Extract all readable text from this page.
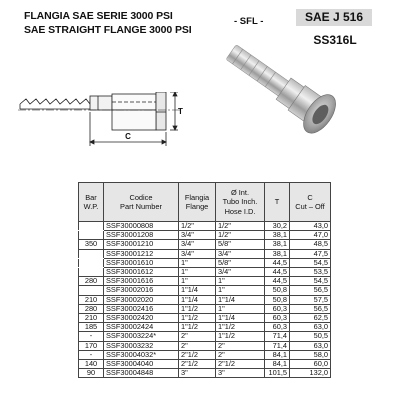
FLANGIA SAE SERIE 3000 PSI
SAE STRAIGHT FLANGE 3000 PSI
- SFL -	SAE J 516
SS316L
T
C
Bar
W.P.	Codice
Part Number	Flangia
Flange	Ø Int.
Tubo Inch.
Hose I.D.	T	C
Cut – Off
	SSF30000808	1/2"	1/2"	30,2	43,0
	SSF30001208	3/4"	1/2"	38,1	47,0
350	SSF30001210	3/4"	5/8"	38,1	48,5
	SSF30001212	3/4"	3/4"	38,1	47,5
	SSF30001610	1"	5/8"	44,5	54,5
	SSF30001612	1"	3/4"	44,5	53,5
280	SSF30001616	1"	1"	44,5	54,5
	SSF30002016	1"1/4	1"	50,8	56,5
210	SSF30002020	1"1/4	1"1/4	50,8	57,5
280	SSF30002416	1"1/2	1"	60,3	56,5
210	SSF30002420	1"1/2	1"1/4	60,3	62,5
185	SSF30002424	1"1/2	1"1/2	60,3	63,0
-	SSF30003224*	2"	1"1/2	71,4	50,5
170	SSF30003232	2"	2"	71,4	63,0
-	SSF30004032*	2"1/2	2"	84,1	58,0
140	SSF30004040	2"1/2	2"1/2	84,1	60,0
90	SSF30004848	3"	3"	101,5	132,0
